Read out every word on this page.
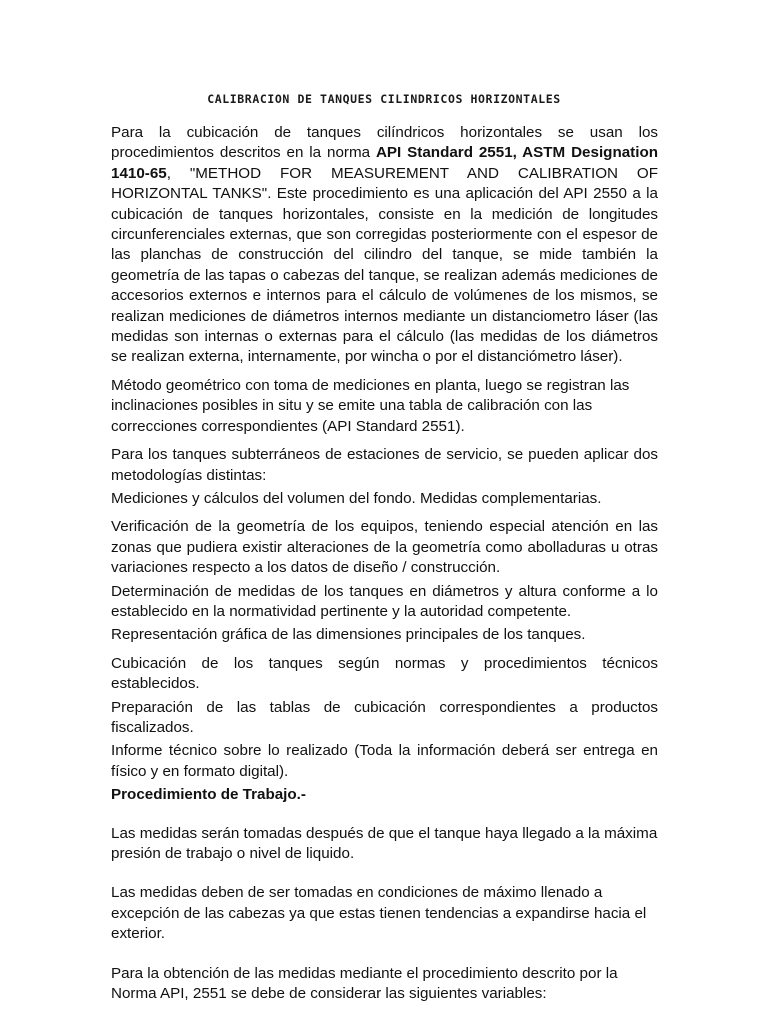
CALIBRACION DE TANQUES CILINDRICOS HORIZONTALES

Para la cubicación de tanques cilíndricos horizontales se usan los procedimientos descritos en la norma API Standard 2551, ASTM Designation 1410-65, "METHOD FOR MEASUREMENT AND CALIBRATION OF HORIZONTAL TANKS". Este procedimiento es una aplicación del API 2550 a la cubicación de tanques horizontales, consiste en la medición de longitudes circunferenciales externas, que son corregidas posteriormente con el espesor de las planchas de construcción del cilindro del tanque, se mide también la geometría de las tapas o cabezas del tanque, se realizan además mediciones de accesorios externos e internos para el cálculo de volúmenes de los mismos, se realizan mediciones de diámetros internos mediante un distanciometro láser (las medidas son internas o externas para el cálculo (las medidas de los diámetros se realizan externa, internamente, por wincha o por el distanciómetro láser).

Método geométrico con toma de mediciones en planta, luego se registran las inclinaciones posibles in situ y se emite una tabla de calibración con las correcciones correspondientes (API Standard 2551).

Para los tanques subterráneos de estaciones de servicio, se pueden aplicar dos metodologías distintas:

Mediciones y cálculos del volumen del fondo. Medidas complementarias.

Verificación de la geometría de los equipos, teniendo especial atención en las zonas que pudiera existir alteraciones de la geometría como abolladuras u otras variaciones respecto a los datos de diseño / construcción.

Determinación de medidas de los tanques en diámetros y altura conforme a lo establecido en la normatividad pertinente y la autoridad competente.

Representación gráfica de las dimensiones principales de los tanques.

Cubicación de los tanques según normas y procedimientos técnicos establecidos.

Preparación de las tablas de cubicación correspondientes a productos fiscalizados.

Informe técnico sobre lo realizado (Toda la información deberá ser entrega en físico y en formato digital).

Procedimiento de Trabajo.-

Las medidas serán tomadas después de que el tanque haya llegado a la máxima presión de trabajo o nivel de liquido.

Las medidas deben de ser tomadas en condiciones de máximo llenado a excepción de las cabezas ya que estas tienen tendencias a expandirse hacia el exterior.

Para la obtención de las medidas mediante el procedimiento descrito por la Norma API, 2551 se debe de considerar las siguientes variables:
